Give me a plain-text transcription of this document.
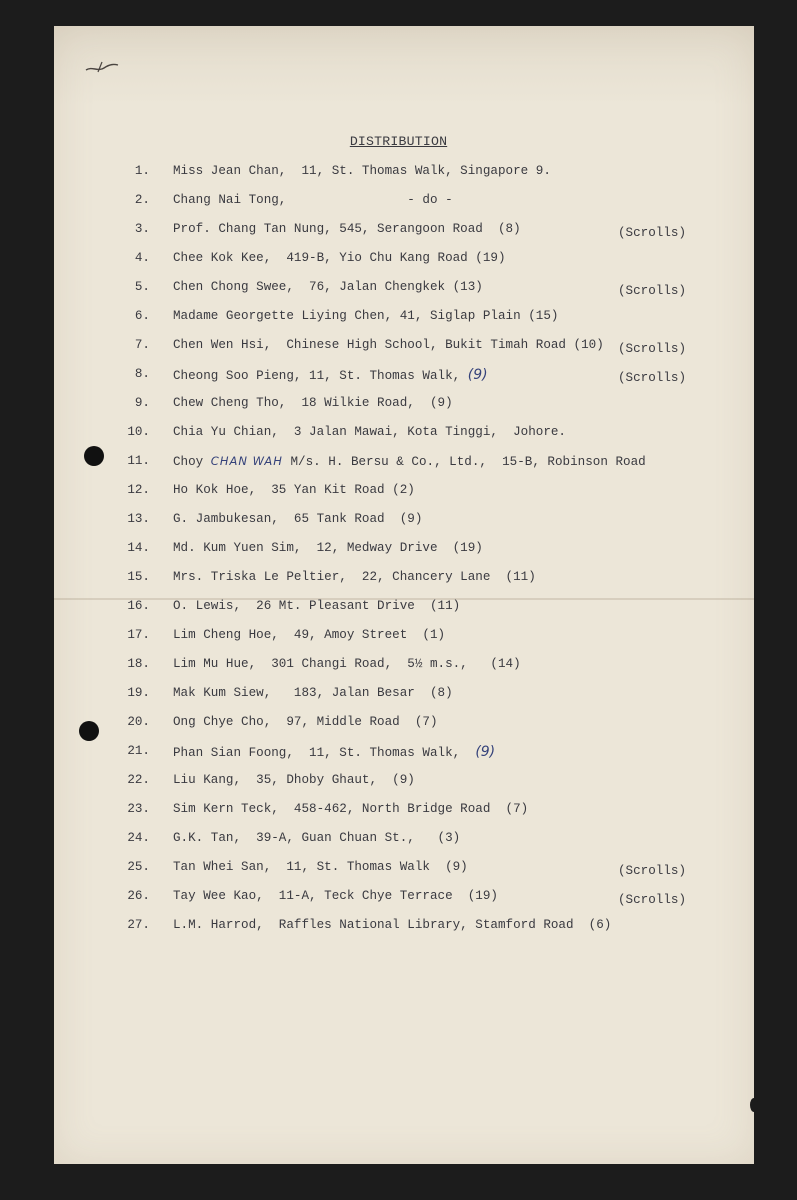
DISTRIBUTION
1. Miss Jean Chan,  11, St. Thomas Walk, Singapore 9.
2. Chang Nai Tong,                - do -
3. Prof. Chang Tan Nung, 545, Serangoon Road  (8)	(Scrolls)
4. Chee Kok Kee,  419-B, Yio Chu Kang Road (19)
5. Chen Chong Swee,  76, Jalan Chengkek (13)	(Scrolls)
6. Madame Georgette Liying Chen, 41, Siglap Plain (15)
7. Chen Wen Hsi,  Chinese High School, Bukit Timah Road (10) (Scrolls)
8. Cheong Soo Pieng, 11, St. Thomas Walk, (9)	(Scrolls)
9. Chew Cheng Tho,  18 Wilkie Road,  (9)
10. Chia Yu Chian,  3 Jalan Mawai, Kota Tinggi,  Johore.
11. Choy CHAN WAH M/s. H. Bersu & Co., Ltd.,  15-B, Robinson Road
12. Ho Kok Hoe,  35 Yan Kit Road (2)
13. G. Jambukesan,  65 Tank Road  (9)
14. Md. Kum Yuen Sim,  12, Medway Drive  (19)
15. Mrs. Triska Le Peltier,  22, Chancery Lane  (11)
16. O. Lewis,  26 Mt. Pleasant Drive  (11)
17. Lim Cheng Hoe,  49, Amoy Street  (1)
18. Lim Mu Hue,  301 Changi Road,  5½ m.s.,   (14)
19. Mak Kum Siew,   183, Jalan Besar  (8)
20. Ong Chye Cho,  97, Middle Road  (7)
21. Phan Sian Foong,  11, St. Thomas Walk,  (9)
22. Liu Kang,  35, Dhoby Ghaut,  (9)
23. Sim Kern Teck,  458-462, North Bridge Road  (7)
24. G.K. Tan,  39-A, Guan Chuan St.,   (3)
25. Tan Whei San,  11, St. Thomas Walk  (9)	(Scrolls)
26. Tay Wee Kao,  11-A, Teck Chye Terrace  (19)	(Scrolls)
27. L.M. Harrod,  Raffles National Library, Stamford Road  (6)
